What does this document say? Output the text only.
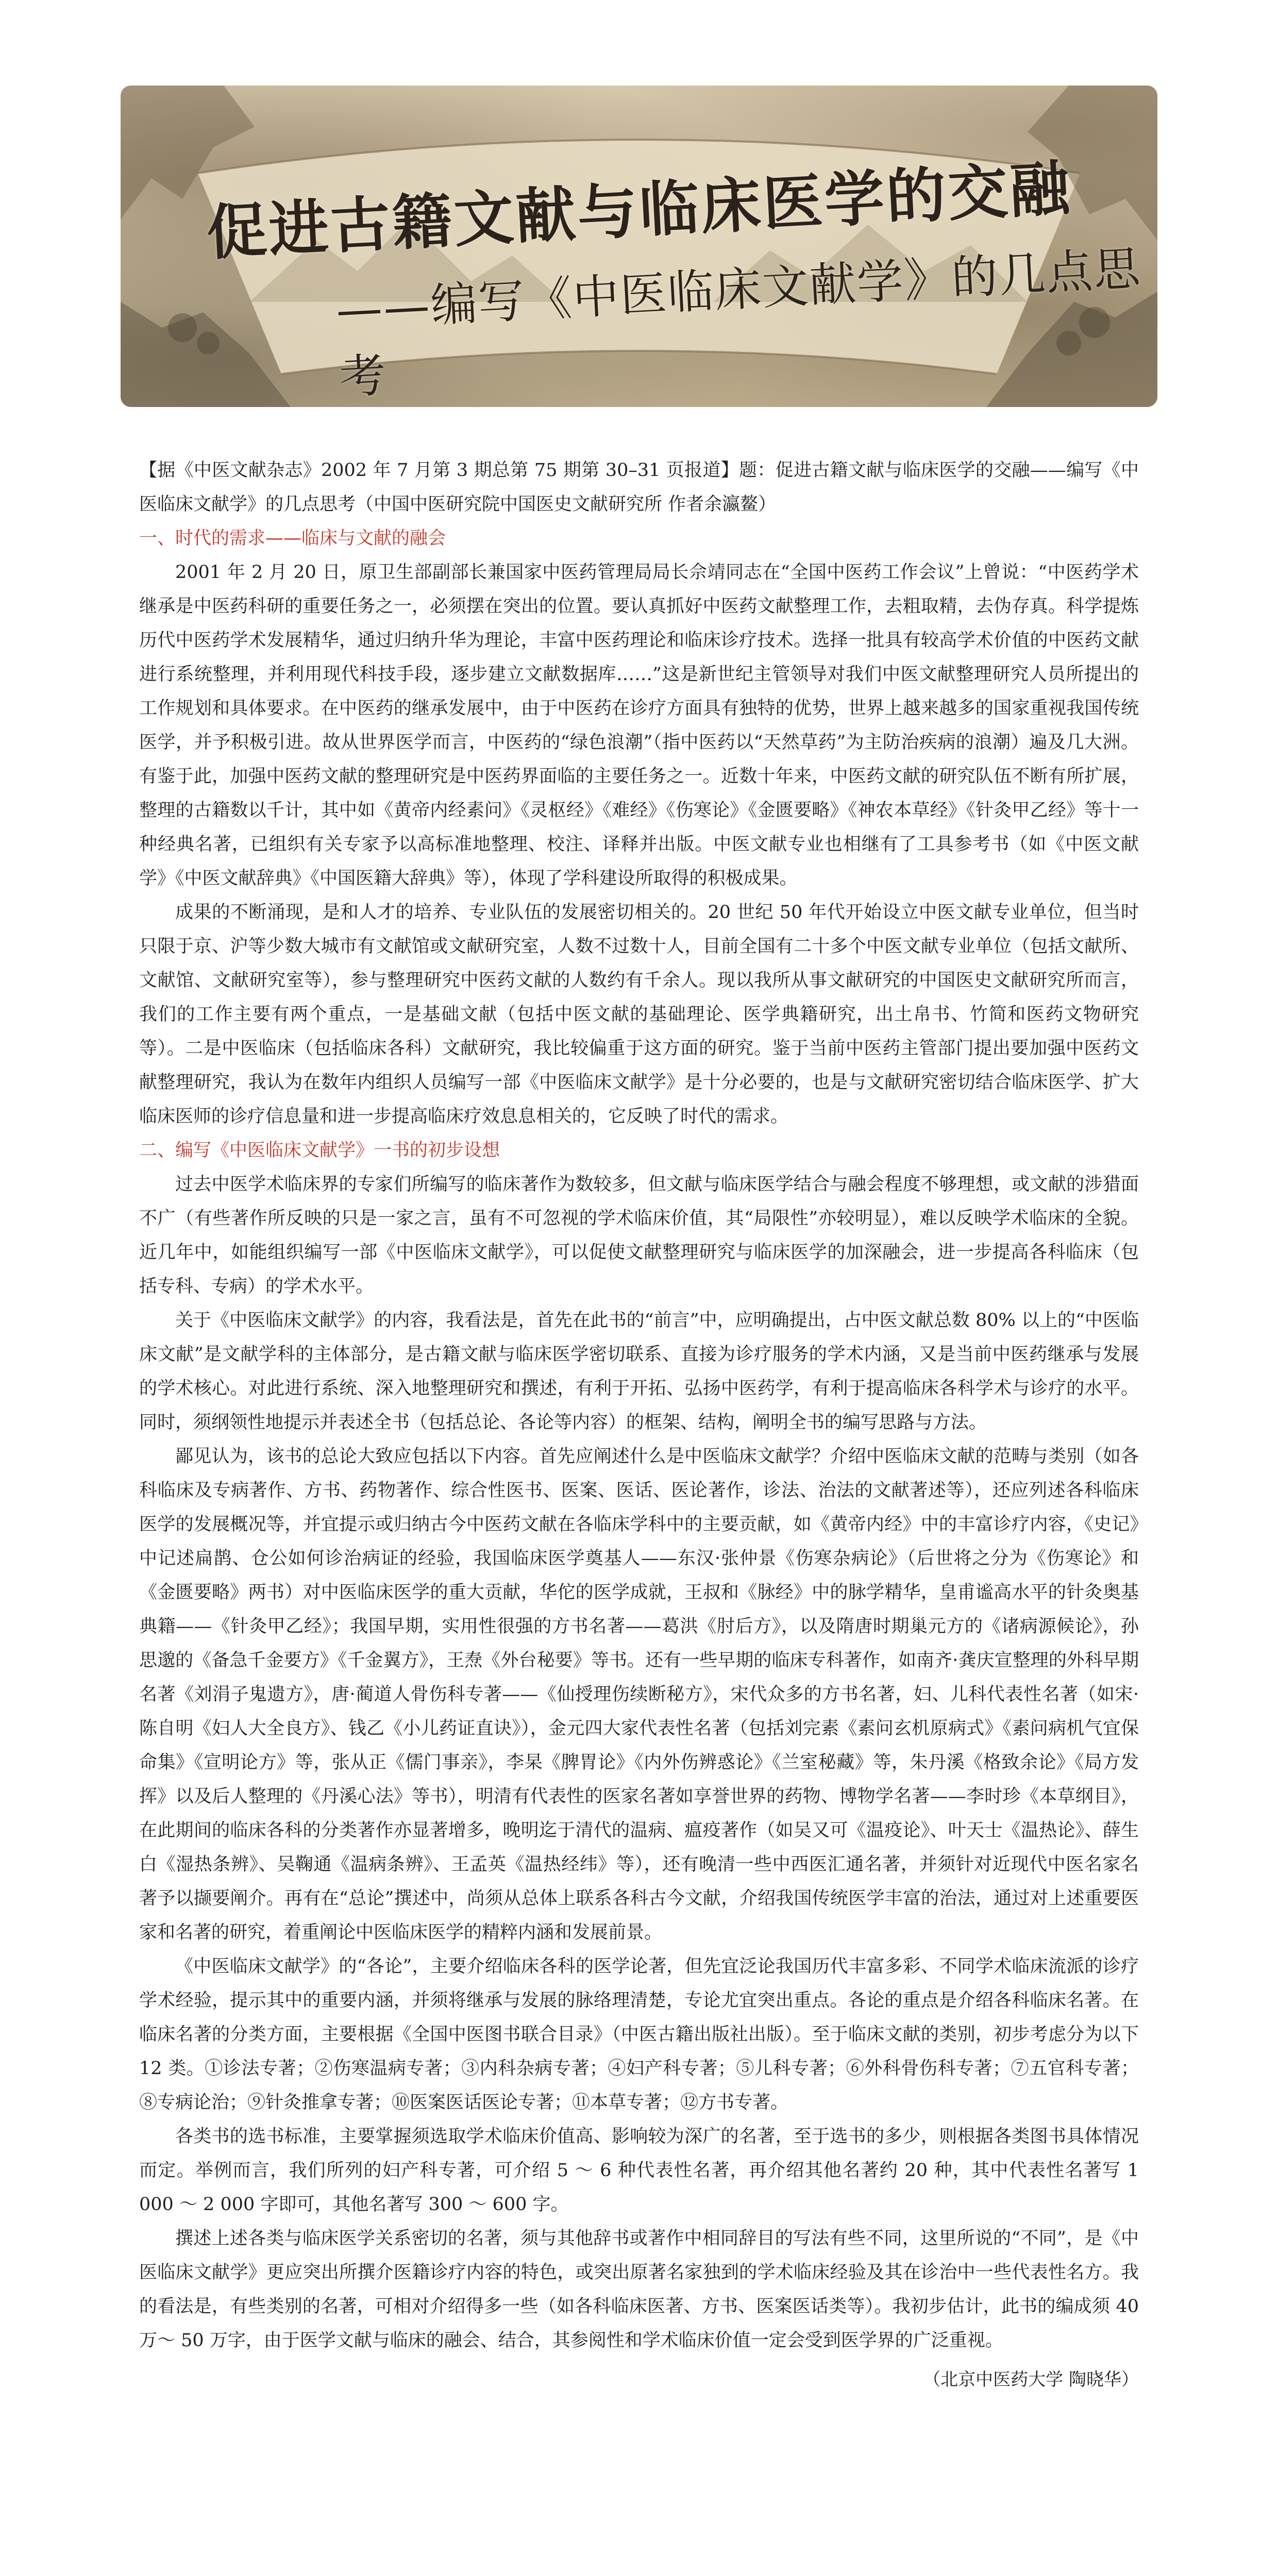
促进古籍文献与临床医学的交融
——编写《中医临床文献学》的几点思考

【据《中医文献杂志》2002 年 7 月第 3 期总第 75 期第 30–31 页报道】题：促进古籍文献与临床医学的交融——编写《中医临床文献学》的几点思考（中国中医研究院中国医史文献研究所 作者余瀛鳌）

一、时代的需求——临床与文献的融会

2001 年 2 月 20 日，原卫生部副部长兼国家中医药管理局局长佘靖同志在“全国中医药工作会议”上曾说：“中医药学术继承是中医药科研的重要任务之一，必须摆在突出的位置。要认真抓好中医药文献整理工作，去粗取精，去伪存真。科学提炼历代中医药学术发展精华，通过归纳升华为理论，丰富中医药理论和临床诊疗技术。选择一批具有较高学术价值的中医药文献进行系统整理，并利用现代科技手段，逐步建立文献数据库……”这是新世纪主管领导对我们中医文献整理研究人员所提出的工作规划和具体要求。在中医药的继承发展中，由于中医药在诊疗方面具有独特的优势，世界上越来越多的国家重视我国传统医学，并予积极引进。故从世界医学而言，中医药的“绿色浪潮”（指中医药以“天然草药”为主防治疾病的浪潮）遍及几大洲。有鉴于此，加强中医药文献的整理研究是中医药界面临的主要任务之一。近数十年来，中医药文献的研究队伍不断有所扩展，整理的古籍数以千计，其中如《黄帝内经素问》《灵枢经》《难经》《伤寒论》《金匮要略》《神农本草经》《针灸甲乙经》等十一种经典名著，已组织有关专家予以高标准地整理、校注、译释并出版。中医文献专业也相继有了工具参考书（如《中医文献学》《中医文献辞典》《中国医籍大辞典》等），体现了学科建设所取得的积极成果。

成果的不断涌现，是和人才的培养、专业队伍的发展密切相关的。20 世纪 50 年代开始设立中医文献专业单位，但当时只限于京、沪等少数大城市有文献馆或文献研究室，人数不过数十人，目前全国有二十多个中医文献专业单位（包括文献所、文献馆、文献研究室等），参与整理研究中医药文献的人数约有千余人。现以我所从事文献研究的中国医史文献研究所而言，我们的工作主要有两个重点，一是基础文献（包括中医文献的基础理论、医学典籍研究，出土帛书、竹简和医药文物研究等）。二是中医临床（包括临床各科）文献研究，我比较偏重于这方面的研究。鉴于当前中医药主管部门提出要加强中医药文献整理研究，我认为在数年内组织人员编写一部《中医临床文献学》是十分必要的，也是与文献研究密切结合临床医学、扩大临床医师的诊疗信息量和进一步提高临床疗效息息相关的，它反映了时代的需求。

二、编写《中医临床文献学》一书的初步设想

过去中医学术临床界的专家们所编写的临床著作为数较多，但文献与临床医学结合与融会程度不够理想，或文献的涉猎面不广（有些著作所反映的只是一家之言，虽有不可忽视的学术临床价值，其“局限性”亦较明显），难以反映学术临床的全貌。近几年中，如能组织编写一部《中医临床文献学》，可以促使文献整理研究与临床医学的加深融会，进一步提高各科临床（包括专科、专病）的学术水平。

关于《中医临床文献学》的内容，我看法是，首先在此书的“前言”中，应明确提出，占中医文献总数 80% 以上的“中医临床文献”是文献学科的主体部分，是古籍文献与临床医学密切联系、直接为诊疗服务的学术内涵，又是当前中医药继承与发展的学术核心。对此进行系统、深入地整理研究和撰述，有利于开拓、弘扬中医药学，有利于提高临床各科学术与诊疗的水平。同时，须纲领性地提示并表述全书（包括总论、各论等内容）的框架、结构，阐明全书的编写思路与方法。

鄙见认为，该书的总论大致应包括以下内容。首先应阐述什么是中医临床文献学？介绍中医临床文献的范畴与类别（如各科临床及专病著作、方书、药物著作、综合性医书、医案、医话、医论著作，诊法、治法的文献著述等），还应列述各科临床医学的发展概况等，并宜提示或归纳古今中医药文献在各临床学科中的主要贡献，如《黄帝内经》中的丰富诊疗内容，《史记》中记述扁鹊、仓公如何诊治病证的经验，我国临床医学奠基人——东汉·张仲景《伤寒杂病论》（后世将之分为《伤寒论》和《金匮要略》两书）对中医临床医学的重大贡献，华佗的医学成就，王叔和《脉经》中的脉学精华，皇甫谧高水平的针灸奥基典籍——《针灸甲乙经》；我国早期，实用性很强的方书名著——葛洪《肘后方》，以及隋唐时期巢元方的《诸病源候论》，孙思邈的《备急千金要方》《千金翼方》，王焘《外台秘要》等书。还有一些早期的临床专科著作，如南齐·龚庆宣整理的外科早期名著《刘涓子鬼遗方》，唐·蔺道人骨伤科专著——《仙授理伤续断秘方》，宋代众多的方书名著，妇、儿科代表性名著（如宋·陈自明《妇人大全良方》、钱乙《小儿药证直诀》），金元四大家代表性名著（包括刘完素《素问玄机原病式》《素问病机气宜保命集》《宣明论方》等，张从正《儒门事亲》，李杲《脾胃论》《内外伤辨惑论》《兰室秘藏》等，朱丹溪《格致余论》《局方发挥》以及后人整理的《丹溪心法》等书），明清有代表性的医家名著如享誉世界的药物、博物学名著——李时珍《本草纲目》，在此期间的临床各科的分类著作亦显著增多，晚明迄于清代的温病、瘟疫著作（如吴又可《温疫论》、叶天士《温热论》、薛生白《湿热条辨》、吴鞠通《温病条辨》、王孟英《温热经纬》等），还有晚清一些中西医汇通名著，并须针对近现代中医名家名著予以撷要阐介。再有在“总论”撰述中，尚须从总体上联系各科古今文献，介绍我国传统医学丰富的治法，通过对上述重要医家和名著的研究，着重阐论中医临床医学的精粹内涵和发展前景。

《中医临床文献学》的“各论”，主要介绍临床各科的医学论著，但先宜泛论我国历代丰富多彩、不同学术临床流派的诊疗学术经验，提示其中的重要内涵，并须将继承与发展的脉络理清楚，专论尤宜突出重点。各论的重点是介绍各科临床名著。在临床名著的分类方面，主要根据《全国中医图书联合目录》（中医古籍出版社出版）。至于临床文献的类别，初步考虑分为以下 12 类。①诊法专著；②伤寒温病专著；③内科杂病专著；④妇产科专著；⑤儿科专著；⑥外科骨伤科专著；⑦五官科专著；⑧专病论治；⑨针灸推拿专著；⑩医案医话医论专著；⑪本草专著；⑫方书专著。

各类书的选书标准，主要掌握须选取学术临床价值高、影响较为深广的名著，至于选书的多少，则根据各类图书具体情况而定。举例而言，我们所列的妇产科专著，可介绍 5 ～ 6 种代表性名著，再介绍其他名著约 20 种，其中代表性名著写 1 000 ～ 2 000 字即可，其他名著写 300 ～ 600 字。

撰述上述各类与临床医学关系密切的名著，须与其他辞书或著作中相同辞目的写法有些不同，这里所说的“不同”，是《中医临床文献学》更应突出所撰介医籍诊疗内容的特色，或突出原著名家独到的学术临床经验及其在诊治中一些代表性名方。我的看法是，有些类别的名著，可相对介绍得多一些（如各科临床医著、方书、医案医话类等）。我初步估计，此书的编成须 40 万～ 50 万字，由于医学文献与临床的融会、结合，其参阅性和学术临床价值一定会受到医学界的广泛重视。

（北京中医药大学 陶晓华）
